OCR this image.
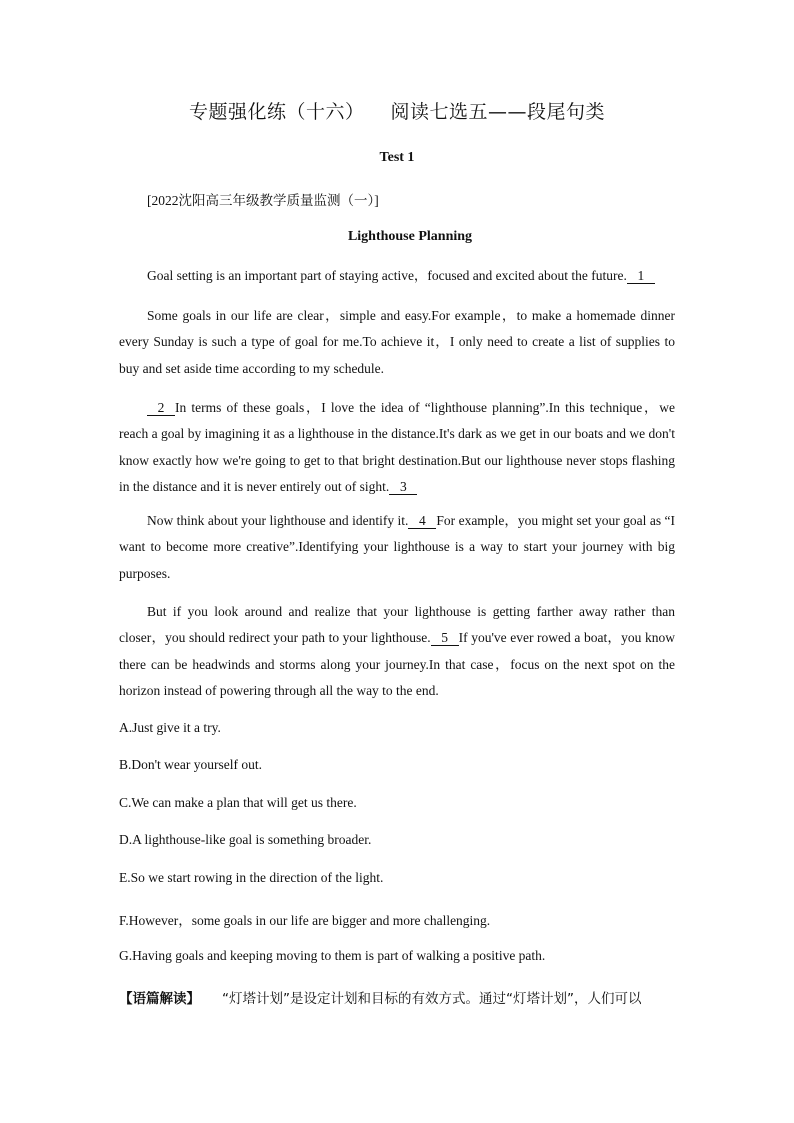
专题强化练（十六） 阅读七选五——段尾句类
Test 1
[2022沈阳高三年级教学质量监测（一）]
Lighthouse Planning
Goal setting is an important part of staying active，focused and excited about the future. 1
Some goals in our life are clear，simple and easy.For example，to make a homemade dinner every Sunday is such a type of goal for me.To achieve it，I only need to create a list of supplies to buy and set aside time according to my schedule.
2 In terms of these goals，I love the idea of “lighthouse planning”.In this technique，we reach a goal by imagining it as a lighthouse in the distance.It's dark as we get in our boats and we don't know exactly how we're going to get to that bright destination.But our lighthouse never stops flashing in the distance and it is never entirely out of sight. 3
Now think about your lighthouse and identify it. 4 For example，you might set your goal as “I want to become more creative”.Identifying your lighthouse is a way to start your journey with big purposes.
But if you look around and realize that your lighthouse is getting farther away rather than closer，you should redirect your path to your lighthouse. 5 If you've ever rowed a boat，you know there can be headwinds and storms along your journey.In that case，focus on the next spot on the horizon instead of powering through all the way to the end.
A.Just give it a try.
B.Don't wear yourself out.
C.We can make a plan that will get us there.
D.A lighthouse-like goal is something broader.
E.So we start rowing in the direction of the light.
F.However，some goals in our life are bigger and more challenging.
G.Having goals and keeping moving to them is part of walking a positive path.
【语篇解读】 “灯塔计划”是设定计划和目标的有效方式。通过“灯塔计划”，人们可以
